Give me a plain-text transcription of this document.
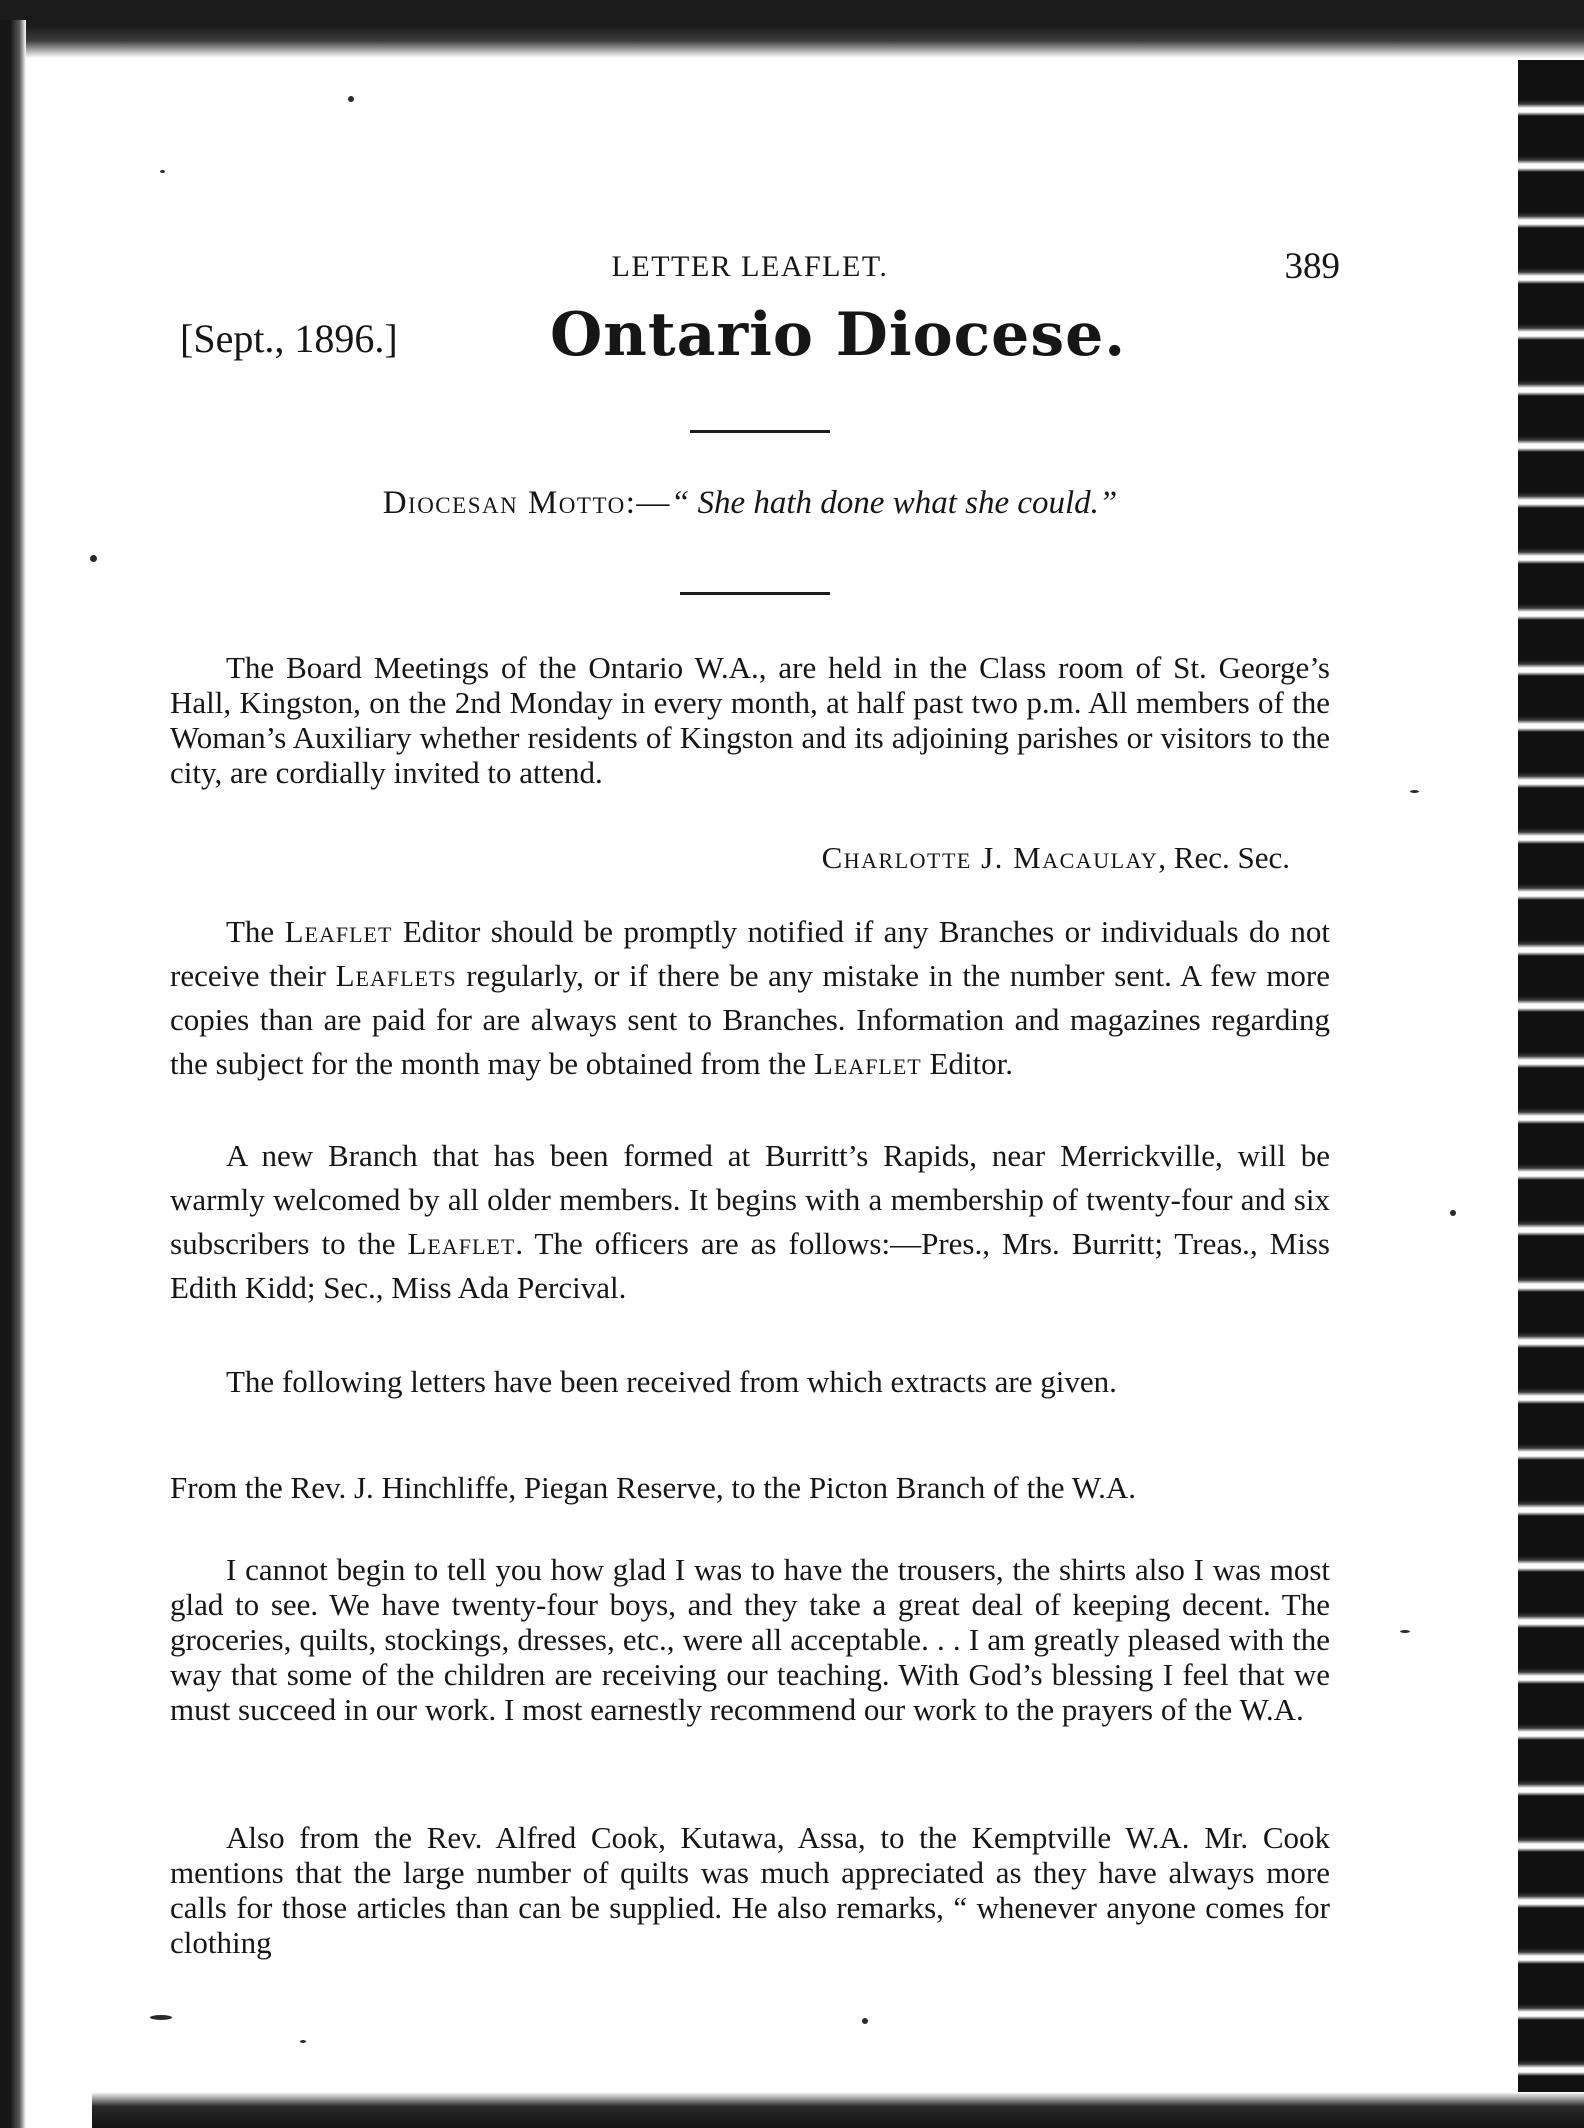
LETTER LEAFLET.	389
[Sept., 1896.]	Ontario Diocese.
Diocesan Motto:—“ She hath done what she could.”

The Board Meetings of the Ontario W.A., are held in the Class room of St. George’s Hall, Kingston, on the 2nd Monday in every month, at half past two p.m. All members of the Woman’s Auxiliary whether residents of Kingston and its adjoining parishes or visitors to the city, are cordially invited to attend.

Charlotte J. Macaulay, Rec. Sec.

The Leaflet Editor should be promptly notified if any Branches or individuals do not receive their Leaflets regularly, or if there be any mistake in the number sent. A few more copies than are paid for are always sent to Branches. Information and magazines regarding the subject for the month may be obtained from the Leaflet Editor.

A new Branch that has been formed at Burritt’s Rapids, near Merrickville, will be warmly welcomed by all older members. It begins with a membership of twenty-four and six subscribers to the Leaflet. The officers are as follows:—Pres., Mrs. Burritt; Treas., Miss Edith Kidd; Sec., Miss Ada Percival.

The following letters have been received from which extracts are given.

From the Rev. J. Hinchliffe, Piegan Reserve, to the Picton Branch of the W.A.

I cannot begin to tell you how glad I was to have the trousers, the shirts also I was most glad to see. We have twenty-four boys, and they take a great deal of keeping decent. The groceries, quilts, stockings, dresses, etc., were all acceptable. . . I am greatly pleased with the way that some of the children are receiving our teaching. With God’s blessing I feel that we must succeed in our work. I most earnestly recommend our work to the prayers of the W.A.

Also from the Rev. Alfred Cook, Kutawa, Assa, to the Kemptville W.A. Mr. Cook mentions that the large number of quilts was much appreciated as they have always more calls for those articles than can be supplied. He also remarks, “ whenever anyone comes for clothing
